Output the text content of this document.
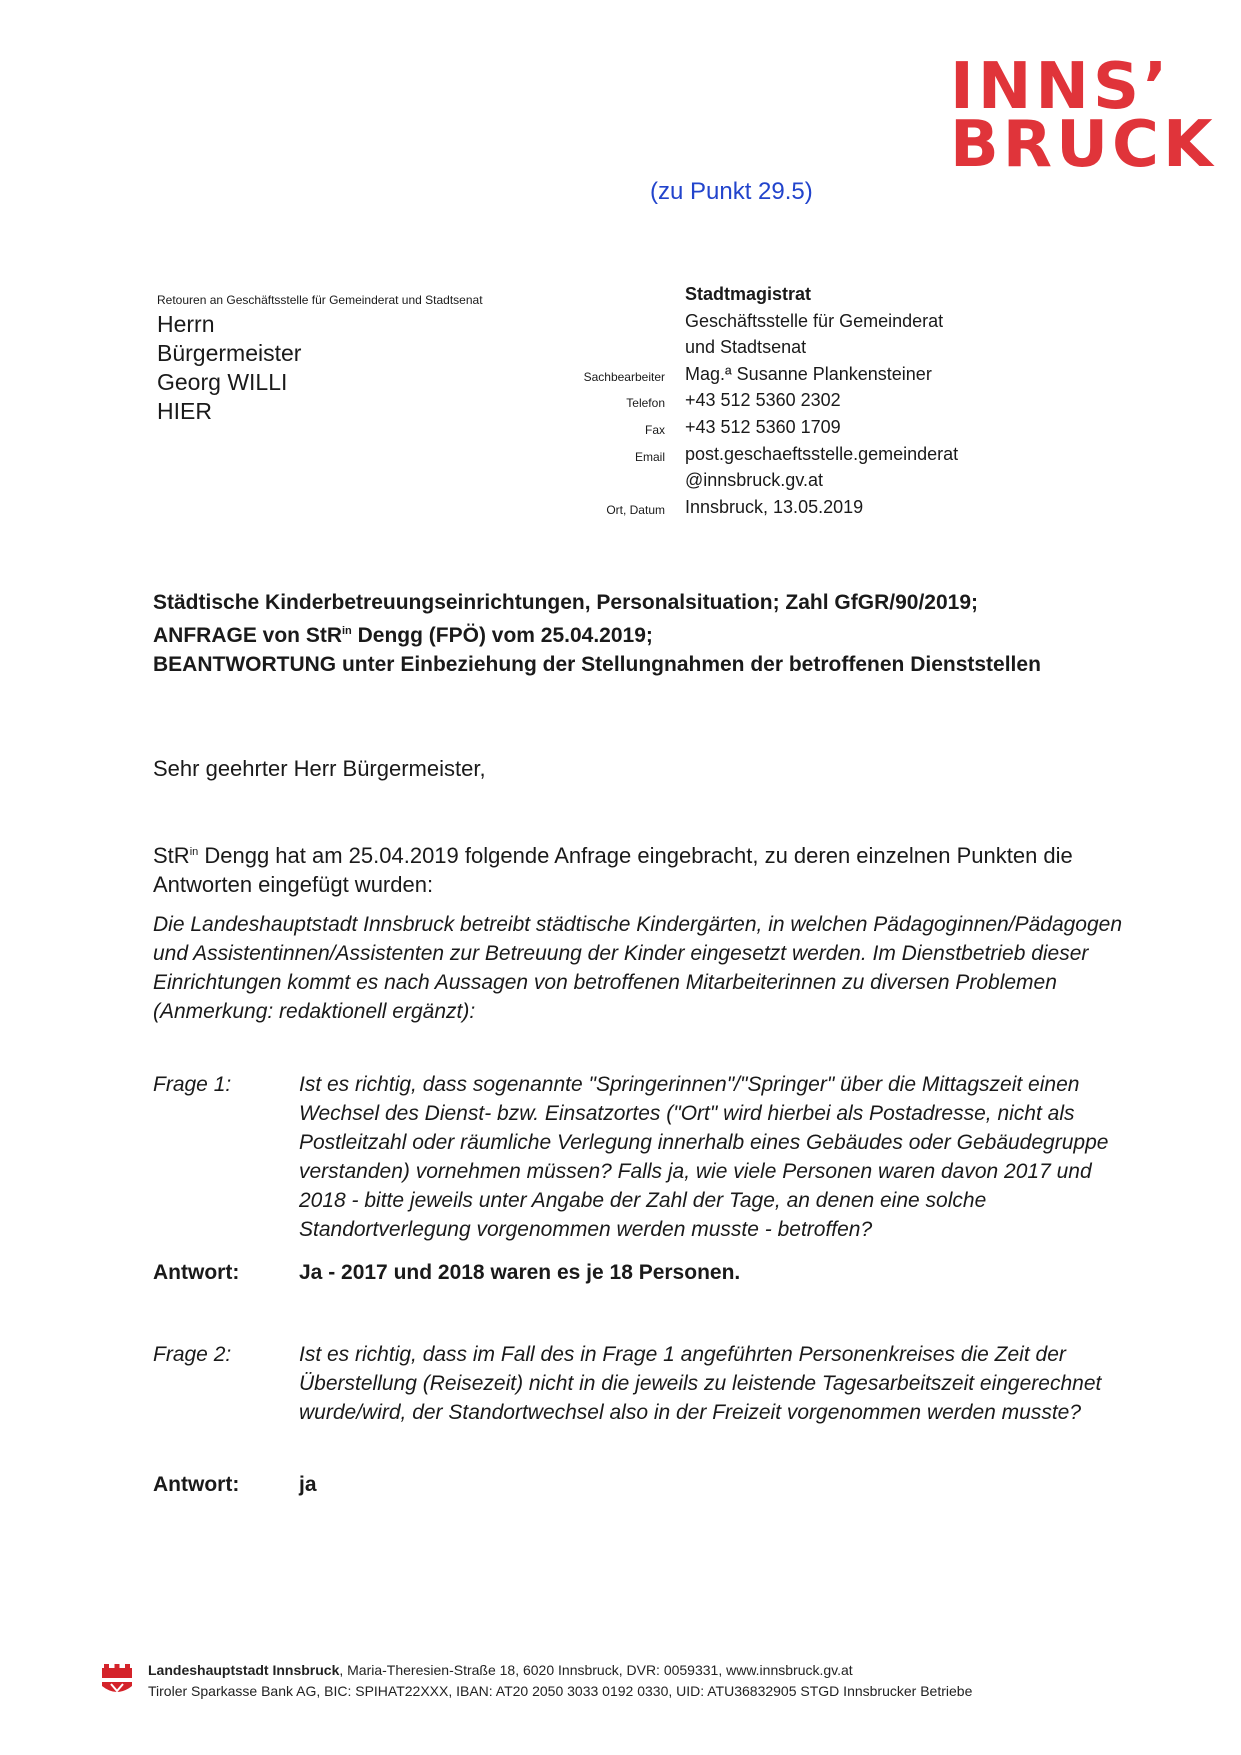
INNS’
BRUCK
(zu Punkt 29.5)
Retouren an Geschäftsstelle für Gemeinderat und Stadtsenat
Herrn
Bürgermeister
Georg WILLI
HIER
Stadtmagistrat
Geschäftsstelle für Gemeinderat
und Stadtsenat
Sachbearbeiter Mag.ª Susanne Plankensteiner
Telefon +43 512 5360 2302
Fax +43 512 5360 1709
Email post.geschaeftsstelle.gemeinderat
@innsbruck.gv.at
Ort, Datum Innsbruck, 13.05.2019
Städtische Kinderbetreuungseinrichtungen, Personalsituation; Zahl GfGR/90/2019;
ANFRAGE von StR$^{in}$ Dengg (FPÖ) vom 25.04.2019;
BEANTWORTUNG unter Einbeziehung der Stellungnahmen der betroffenen Dienststellen
Sehr geehrter Herr Bürgermeister,
StR$^{in}$ Dengg hat am 25.04.2019 folgende Anfrage eingebracht, zu deren einzelnen Punkten die Antworten eingefügt wurden:
Die Landeshauptstadt Innsbruck betreibt städtische Kindergärten, in welchen Pädagoginnen/Pädagogen und Assistentinnen/Assistenten zur Betreuung der Kinder eingesetzt werden. Im Dienstbetrieb dieser Einrichtungen kommt es nach Aussagen von betroffenen Mitarbeiterinnen zu diversen Problemen (Anmerkung: redaktionell ergänzt):
Frage 1:	Ist es richtig, dass sogenannte "Springerinnen"/"Springer" über die Mittagszeit einen Wechsel des Dienst- bzw. Einsatzortes ("Ort" wird hierbei als Postadresse, nicht als Postleitzahl oder räumliche Verlegung innerhalb eines Gebäudes oder Gebäudegruppe verstanden) vornehmen müssen? Falls ja, wie viele Personen waren davon 2017 und 2018 - bitte jeweils unter Angabe der Zahl der Tage, an denen eine solche Standortverlegung vorgenommen werden musste - betroffen?
Antwort:	Ja - 2017 und 2018 waren es je 18 Personen.
Frage 2:	Ist es richtig, dass im Fall des in Frage 1 angeführten Personenkreises die Zeit der Überstellung (Reisezeit) nicht in die jeweils zu leistende Tagesarbeitszeit eingerechnet wurde/wird, der Standortwechsel also in der Freizeit vorgenommen werden musste?
Antwort:	ja
Landeshauptstadt Innsbruck, Maria-Theresien-Straße 18, 6020 Innsbruck, DVR: 0059331, www.innsbruck.gv.at
Tiroler Sparkasse Bank AG, BIC: SPIHAT22XXX, IBAN: AT20 2050 3033 0192 0330, UID: ATU36832905 STGD Innsbrucker Betriebe
